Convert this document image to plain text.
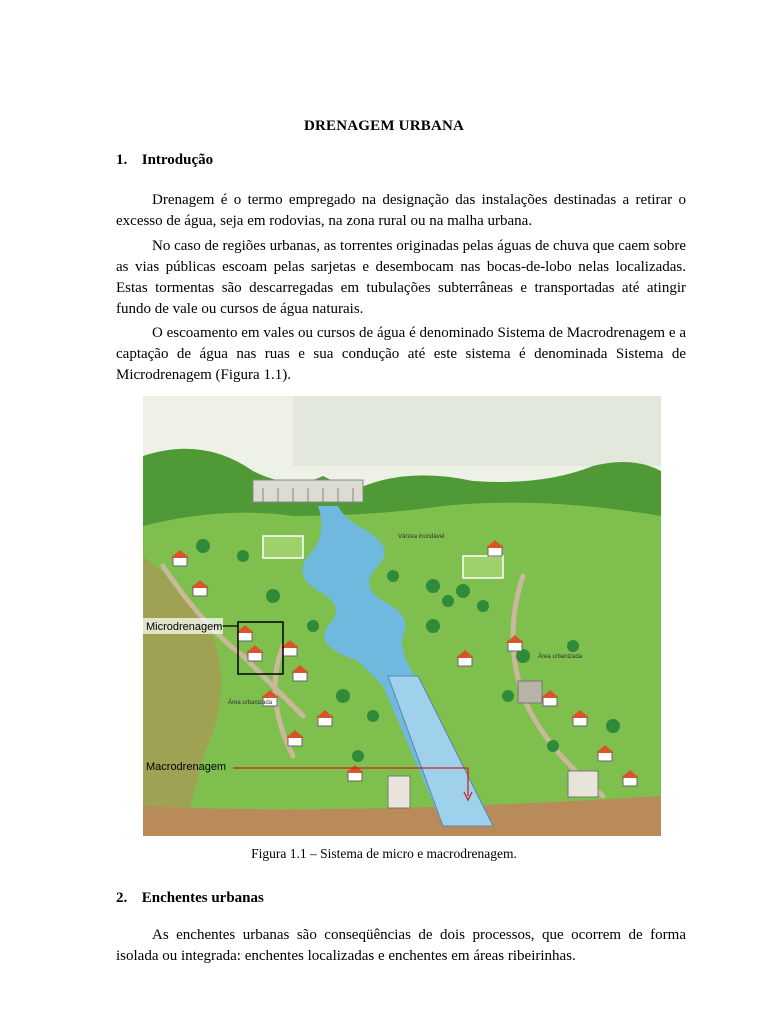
DRENAGEM URBANA
1. Introdução

Drenagem é o termo empregado na designação das instalações destinadas a retirar o excesso de água, seja em rodovias, na zona rural ou na malha urbana.

No caso de regiões urbanas, as torrentes originadas pelas águas de chuva que caem sobre as vias públicas escoam pelas sarjetas e desembocam nas bocas-de-lobo nelas localizadas. Estas tormentas são descarregadas em tubulações subterrâneas e transportadas até atingir fundo de vale ou cursos de água naturais.

O escoamento em vales ou cursos de água é denominado Sistema de Macrodrenagem e a captação de água nas ruas e sua condução até este sistema é denominada Sistema de Microdrenagem (Figura 1.1).

Microdrenagem
Macrodrenagem
Área urbanizada
Área urbanizada
Várzea inundável
Figura 1.1 – Sistema de micro e macrodrenagem.
2. Enchentes urbanas

As enchentes urbanas são conseqüências de dois processos, que ocorrem de forma isolada ou integrada: enchentes localizadas e enchentes em áreas ribeirinhas.
